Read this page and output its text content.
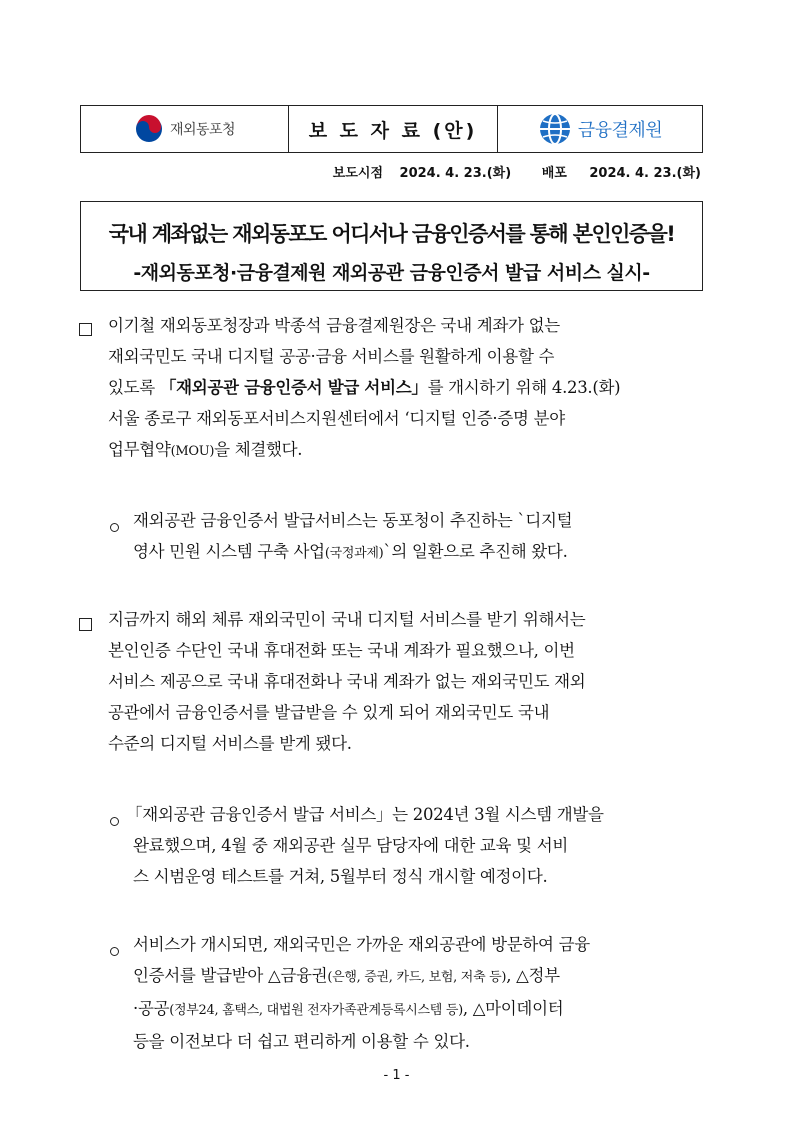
재외동포청	보 도 자 료 (안)	금융결제원
보도시점 2024. 4. 23.(화) 배포 2024. 4. 23.(화)
국내 계좌없는 재외동포도 어디서나 금융인증서를 통해 본인인증을!
-재외동포청·금융결제원 재외공관 금융인증서 발급 서비스 실시-
이기철 재외동포청장과 박종석 금융결제원장은 국내 계좌가 없는
재외국민도 국내 디지털 공공·금융 서비스를 원활하게 이용할 수
있도록 「재외공관 금융인증서 발급 서비스」를 개시하기 위해 4.23.(화)
서울 종로구 재외동포서비스지원센터에서 ‘디지털 인증·증명 분야
업무협약(MOU)을 체결했다.
재외공관 금융인증서 발급서비스는 동포청이 추진하는 `디지털
영사 민원 시스템 구축 사업(국정과제)`의 일환으로 추진해 왔다.
지금까지 해외 체류 재외국민이 국내 디지털 서비스를 받기 위해서는
본인인증 수단인 국내 휴대전화 또는 국내 계좌가 필요했으나, 이번
서비스 제공으로 국내 휴대전화나 국내 계좌가 없는 재외국민도 재외
공관에서 금융인증서를 발급받을 수 있게 되어 재외국민도 국내
수준의 디지털 서비스를 받게 됐다.
「재외공관 금융인증서 발급 서비스」는 2024년 3월 시스템 개발을
완료했으며, 4월 중 재외공관 실무 담당자에 대한 교육 및 서비
스 시범운영 테스트를 거쳐, 5월부터 정식 개시할 예정이다.
서비스가 개시되면, 재외국민은 가까운 재외공관에 방문하여 금융
인증서를 발급받아 △금융권(은행, 증권, 카드, 보험, 저축 등), △정부
·공공(정부24, 홈택스, 대법원 전자가족관계등록시스템 등), △마이데이터
등을 이전보다 더 쉽고 편리하게 이용할 수 있다.
- 1 -
